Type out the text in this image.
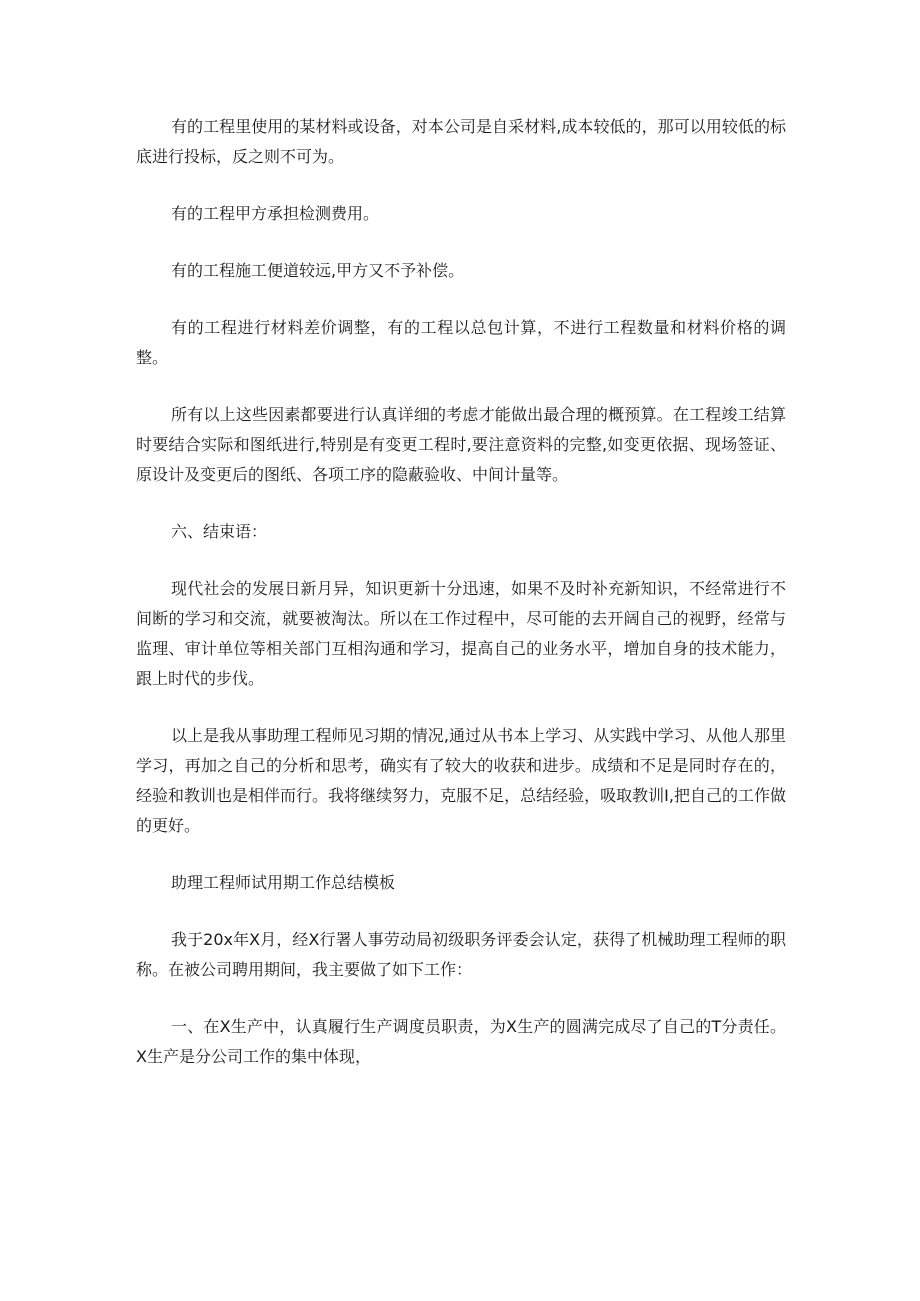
有的工程里使用的某材料或设备，对本公司是自采材料,成本较低的，那可以用较低的标底进行投标，反之则不可为。

有的工程甲方承担检测费用。

有的工程施工便道较远,甲方又不予补偿。

有的工程进行材料差价调整，有的工程以总包计算，不进行工程数量和材料价格的调整。

所有以上这些因素都要进行认真详细的考虑才能做出最合理的概预算。在工程竣工结算时要结合实际和图纸进行,特别是有变更工程时,要注意资料的完整,如变更依据、现场签证、原设计及变更后的图纸、各项工序的隐蔽验收、中间计量等。

六、结束语：

现代社会的发展日新月异，知识更新十分迅速，如果不及时补充新知识，不经常进行不间断的学习和交流，就要被淘汰。所以在工作过程中，尽可能的去开阔自己的视野，经常与监理、审计单位等相关部门互相沟通和学习，提高自己的业务水平，增加自身的技术能力，跟上时代的步伐。

以上是我从事助理工程师见习期的情况,通过从书本上学习、从实践中学习、从他人那里学习，再加之自己的分析和思考，确实有了较大的收获和进步。成绩和不足是同时存在的，经验和教训也是相伴而行。我将继续努力，克服不足，总结经验，吸取教训I,把自己的工作做的更好。

助理工程师试用期工作总结模板

我于20x年X月，经X行署人事劳动局初级职务评委会认定，获得了机械助理工程师的职称。在被公司聘用期间，我主要做了如下工作：

一、在X生产中，认真履行生产调度员职责，为X生产的圆满完成尽了自己的T分责任。X生产是分公司工作的集中体现，
